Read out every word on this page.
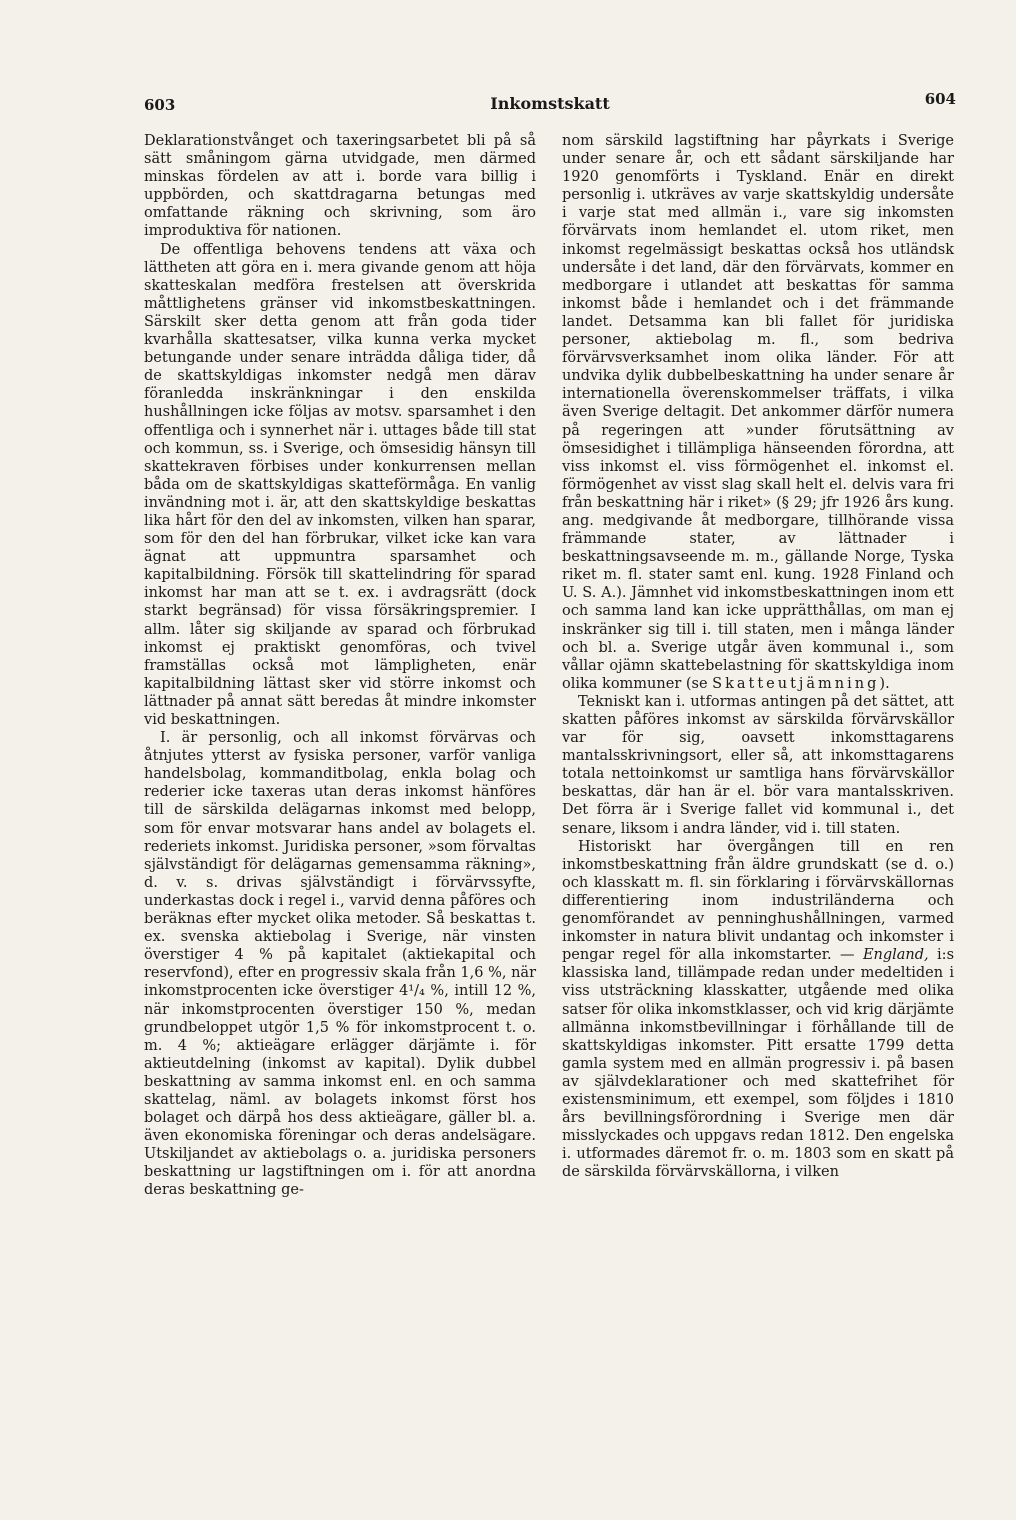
603	Inkomstskatt	604

Deklarationstvånget och taxeringsarbetet bli på så sätt småningom gärna utvidgade, men därmed minskas fördelen av att i. borde vara billig i uppbörden, och skattdragarna betungas med omfattande räkning och skrivning, som äro improduktiva för nationen.

De offentliga behovens tendens att växa och lättheten att göra en i. mera givande genom att höja skatteskalan medföra frestelsen att överskrida måttlighetens gränser vid inkomstbeskattningen. Särskilt sker detta genom att från goda tider kvarhålla skattesatser, vilka kunna verka mycket betungande under senare inträdda dåliga tider, då de skattskyldigas inkomster nedgå men därav föranledda inskränkningar i den enskilda hushållningen icke följas av motsv. sparsamhet i den offentliga och i synnerhet när i. uttages både till stat och kommun, ss. i Sverige, och ömsesidig hänsyn till skattekraven förbises under konkurrensen mellan båda om de skattskyldigas skatteförmåga. En vanlig invändning mot i. är, att den skattskyldige beskattas lika hårt för den del av inkomsten, vilken han sparar, som för den del han förbrukar, vilket icke kan vara ägnat att uppmuntra sparsamhet och kapitalbildning. Försök till skattelindring för sparad inkomst har man att se t. ex. i avdragsrätt (dock starkt begränsad) för vissa försäkringspremier. I allm. låter sig skiljande av sparad och förbrukad inkomst ej praktiskt genomföras, och tvivel framställas också mot lämpligheten, enär kapitalbildning lättast sker vid större inkomst och lättnader på annat sätt beredas åt mindre inkomster vid beskattningen.

I. är personlig, och all inkomst förvärvas och åtnjutes ytterst av fysiska personer, varför vanliga handelsbolag, kommanditbolag, enkla bolag och rederier icke taxeras utan deras inkomst hänföres till de särskilda delägarnas inkomst med belopp, som för envar motsvarar hans andel av bolagets el. rederiets inkomst. Juridiska personer, »som förvaltas självständigt för delägarnas gemensamma räkning», d. v. s. drivas självständigt i förvärvssyfte, underkastas dock i regel i., varvid denna påföres och beräknas efter mycket olika metoder. Så beskattas t. ex. svenska aktiebolag i Sverige, när vinsten överstiger 4 % på kapitalet (aktiekapital och reservfond), efter en progressiv skala från 1,6 %, när inkomstprocenten icke överstiger 4¹/₄ %, intill 12 %, när inkomstprocenten överstiger 150 %, medan grundbeloppet utgör 1,5 % för inkomstprocent t. o. m. 4 %; aktieägare erlägger därjämte i. för aktieutdelning (inkomst av kapital). Dylik dubbel beskattning av samma inkomst enl. en och samma skattelag, näml. av bolagets inkomst först hos bolaget och därpå hos dess aktieägare, gäller bl. a. även ekonomiska föreningar och deras andelsägare. Utskiljandet av aktiebolags o. a. juridiska personers beskattning ur lagstiftningen om i. för att anordna deras beskattning ge-

nom särskild lagstiftning har påyrkats i Sverige under senare år, och ett sådant särskiljande har 1920 genomförts i Tyskland. Enär en direkt personlig i. utkräves av varje skattskyldig undersåte i varje stat med allmän i., vare sig inkomsten förvärvats inom hemlandet el. utom riket, men inkomst regelmässigt beskattas också hos utländsk undersåte i det land, där den förvärvats, kommer en medborgare i utlandet att beskattas för samma inkomst både i hemlandet och i det främmande landet. Detsamma kan bli fallet för juridiska personer, aktiebolag m. fl., som bedriva förvärvsverksamhet inom olika länder. För att undvika dylik dubbelbeskattning ha under senare år internationella överenskommelser träffats, i vilka även Sverige deltagit. Det ankommer därför numera på regeringen att »under förutsättning av ömsesidighet i tillämpliga hänseenden förordna, att viss inkomst el. viss förmögenhet el. inkomst el. förmögenhet av visst slag skall helt el. delvis vara fri från beskattning här i riket» (§ 29; jfr 1926 års kung. ang. medgivande åt medborgare, tillhörande vissa främmande stater, av lättnader i beskattningsavseende m. m., gällande Norge, Tyska riket m. fl. stater samt enl. kung. 1928 Finland och U. S. A.). Jämnhet vid inkomstbeskattningen inom ett och samma land kan icke upprätthållas, om man ej inskränker sig till i. till staten, men i många länder och bl. a. Sverige utgår även kommunal i., som vållar ojämn skattebelastning för skattskyldiga inom olika kommuner (se Skatteutjämning).

Tekniskt kan i. utformas antingen på det sättet, att skatten påföres inkomst av särskilda förvärvskällor var för sig, oavsett inkomsttagarens mantalsskrivningsort, eller så, att inkomsttagarens totala nettoinkomst ur samtliga hans förvärvskällor beskattas, där han är el. bör vara mantalsskriven. Det förra är i Sverige fallet vid kommunal i., det senare, liksom i andra länder, vid i. till staten.

Historiskt har övergången till en ren inkomstbeskattning från äldre grundskatt (se d. o.) och klasskatt m. fl. sin förklaring i förvärvskällornas differentiering inom industriländerna och genomförandet av penninghushållningen, varmed inkomster in natura blivit undantag och inkomster i pengar regel för alla inkomstarter. — England, i:s klassiska land, tillämpade redan under medeltiden i viss utsträckning klasskatter, utgående med olika satser för olika inkomstklasser, och vid krig därjämte allmänna inkomstbevillningar i förhållande till de skattskyldigas inkomster. Pitt ersatte 1799 detta gamla system med en allmän progressiv i. på basen av självdeklarationer och med skattefrihet för existensminimum, ett exempel, som följdes i 1810 års bevillningsförordning i Sverige men där misslyckades och uppgavs redan 1812. Den engelska i. utformades däremot fr. o. m. 1803 som en skatt på de särskilda förvärvskällorna, i vilken
